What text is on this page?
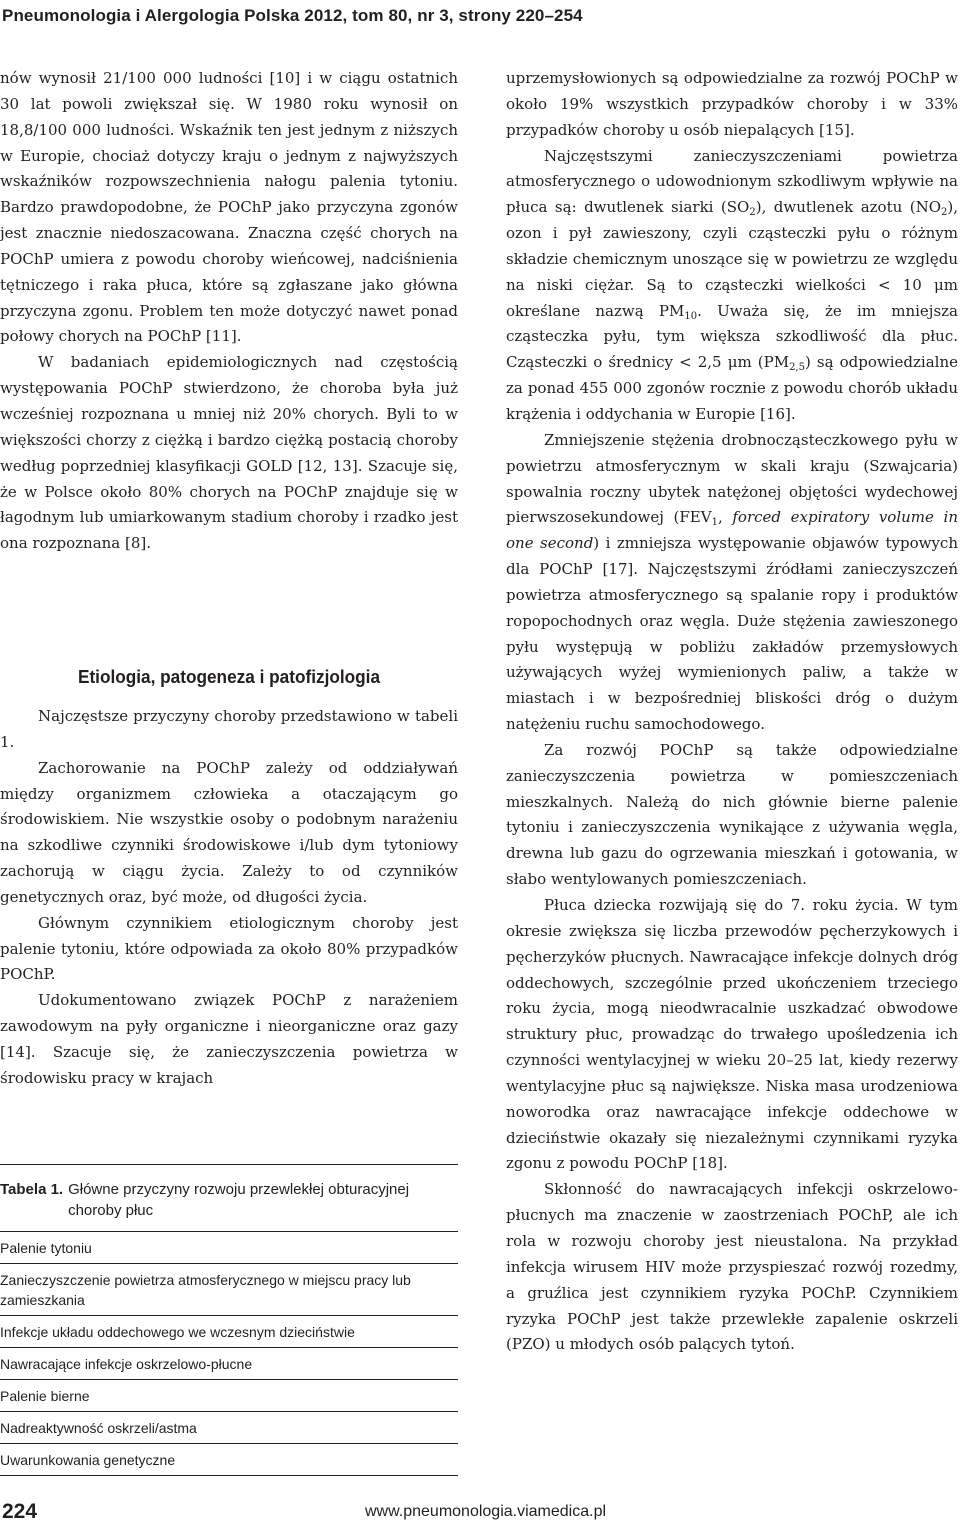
Pneumonologia i Alergologia Polska 2012, tom 80, nr 3, strony 220–254

nów wynosił 21/100 000 ludności [10] i w ciągu ostatnich 30 lat powoli zwiększał się. W 1980 roku wynosił on 18,8/100 000 ludności. Wskaźnik ten jest jednym z niższych w Europie, chociaż dotyczy kraju o jednym z najwyższych wskaźników rozpowszechnienia nałogu palenia tytoniu. Bardzo prawdopodobne, że POChP jako przyczyna zgonów jest znacznie niedoszacowana. Znaczna część chorych na POChP umiera z powodu choroby wieńcowej, nadciśnienia tętniczego i raka płuca, które są zgłaszane jako główna przyczyna zgonu. Problem ten może dotyczyć nawet ponad połowy chorych na POChP [11].

W badaniach epidemiologicznych nad częstością występowania POChP stwierdzono, że choroba była już wcześniej rozpoznana u mniej niż 20% chorych. Byli to w większości chorzy z ciężką i bardzo ciężką postacią choroby według poprzedniej klasyfikacji GOLD [12, 13]. Szacuje się, że w Polsce około 80% chorych na POChP znajduje się w łagodnym lub umiarkowanym stadium choroby i rzadko jest ona rozpoznana [8].

Etiologia, patogeneza i patofizjologia

Najczęstsze przyczyny choroby przedstawiono w tabeli 1.

Zachorowanie na POChP zależy od oddziaływań między organizmem człowieka a otaczającym go środowiskiem. Nie wszystkie osoby o podobnym narażeniu na szkodliwe czynniki środowiskowe i/lub dym tytoniowy zachorują w ciągu życia. Zależy to od czynników genetycznych oraz, być może, od długości życia.

Głównym czynnikiem etiologicznym choroby jest palenie tytoniu, które odpowiada za około 80% przypadków POChP.

Udokumentowano związek POChP z narażeniem zawodowym na pyły organiczne i nieorganiczne oraz gazy [14]. Szacuje się, że zanieczyszczenia powietrza w środowisku pracy w krajach

Tabela 1. Główne przyczyny rozwoju przewlekłej obturacyjnej choroby płuc
Palenie tytoniu
Zanieczyszczenie powietrza atmosferycznego w miejscu pracy lub zamieszkania
Infekcje układu oddechowego we wczesnym dzieciństwie
Nawracające infekcje oskrzelowo-płucne
Palenie bierne
Nadreaktywność oskrzeli/astma
Uwarunkowania genetyczne

uprzemysłowionych są odpowiedzialne za rozwój POChP w około 19% wszystkich przypadków choroby i w 33% przypadków choroby u osób niepalących [15].

Najczęstszymi zanieczyszczeniami powietrza atmosferycznego o udowodnionym szkodliwym wpływie na płuca są: dwutlenek siarki $(SO_2)$, dwutlenek azotu $(NO_2)$, ozon i pył zawieszony, czyli cząsteczki pyłu o różnym składzie chemicznym unoszące się w powietrzu ze względu na niski ciężar. Są to cząsteczki wielkości < 10 μm określane nazwą $PM_{10}$. Uważa się, że im mniejsza cząsteczka pyłu, tym większa szkodliwość dla płuc. Cząsteczki o średnicy < 2,5 μm $(PM_{2,5})$ są odpowiedzialne za ponad 455 000 zgonów rocznie z powodu chorób układu krążenia i oddychania w Europie [16].

Zmniejszenie stężenia drobnocząsteczkowego pyłu w powietrzu atmosferycznym w skali kraju (Szwajcaria) spowalnia roczny ubytek natężonej objętości wydechowej pierwszosekundowej ($FEV_1$, forced expiratory volume in one second) i zmniejsza występowanie objawów typowych dla POChP [17]. Najczęstszymi źródłami zanieczyszczeń powietrza atmosferycznego są spalanie ropy i produktów ropopochodnych oraz węgla. Duże stężenia zawieszonego pyłu występują w pobliżu zakładów przemysłowych używających wyżej wymienionych paliw, a także w miastach i w bezpośredniej bliskości dróg o dużym natężeniu ruchu samochodowego.

Za rozwój POChP są także odpowiedzialne zanieczyszczenia powietrza w pomieszczeniach mieszkalnych. Należą do nich głównie bierne palenie tytoniu i zanieczyszczenia wynikające z używania węgla, drewna lub gazu do ogrzewania mieszkań i gotowania, w słabo wentylowanych pomieszczeniach.

Płuca dziecka rozwijają się do 7. roku życia. W tym okresie zwiększa się liczba przewodów pęcherzykowych i pęcherzyków płucnych. Nawracające infekcje dolnych dróg oddechowych, szczególnie przed ukończeniem trzeciego roku życia, mogą nieodwracalnie uszkadzać obwodowe struktury płuc, prowadząc do trwałego upośledzenia ich czynności wentylacyjnej w wieku 20–25 lat, kiedy rezerwy wentylacyjne płuc są największe. Niska masa urodzeniowa noworodka oraz nawracające infekcje oddechowe w dzieciństwie okazały się niezależnymi czynnikami ryzyka zgonu z powodu POChP [18].

Skłonność do nawracających infekcji oskrzelowo-płucnych ma znaczenie w zaostrzeniach POChP, ale ich rola w rozwoju choroby jest nieustalona. Na przykład infekcja wirusem HIV może przyspieszać rozwój rozedmy, a gruźlica jest czynnikiem ryzyka POChP. Czynnikiem ryzyka POChP jest także przewlekłe zapalenie oskrzeli (PZO) u młodych osób palących tytoń.

224	www.pneumonologia.viamedica.pl
